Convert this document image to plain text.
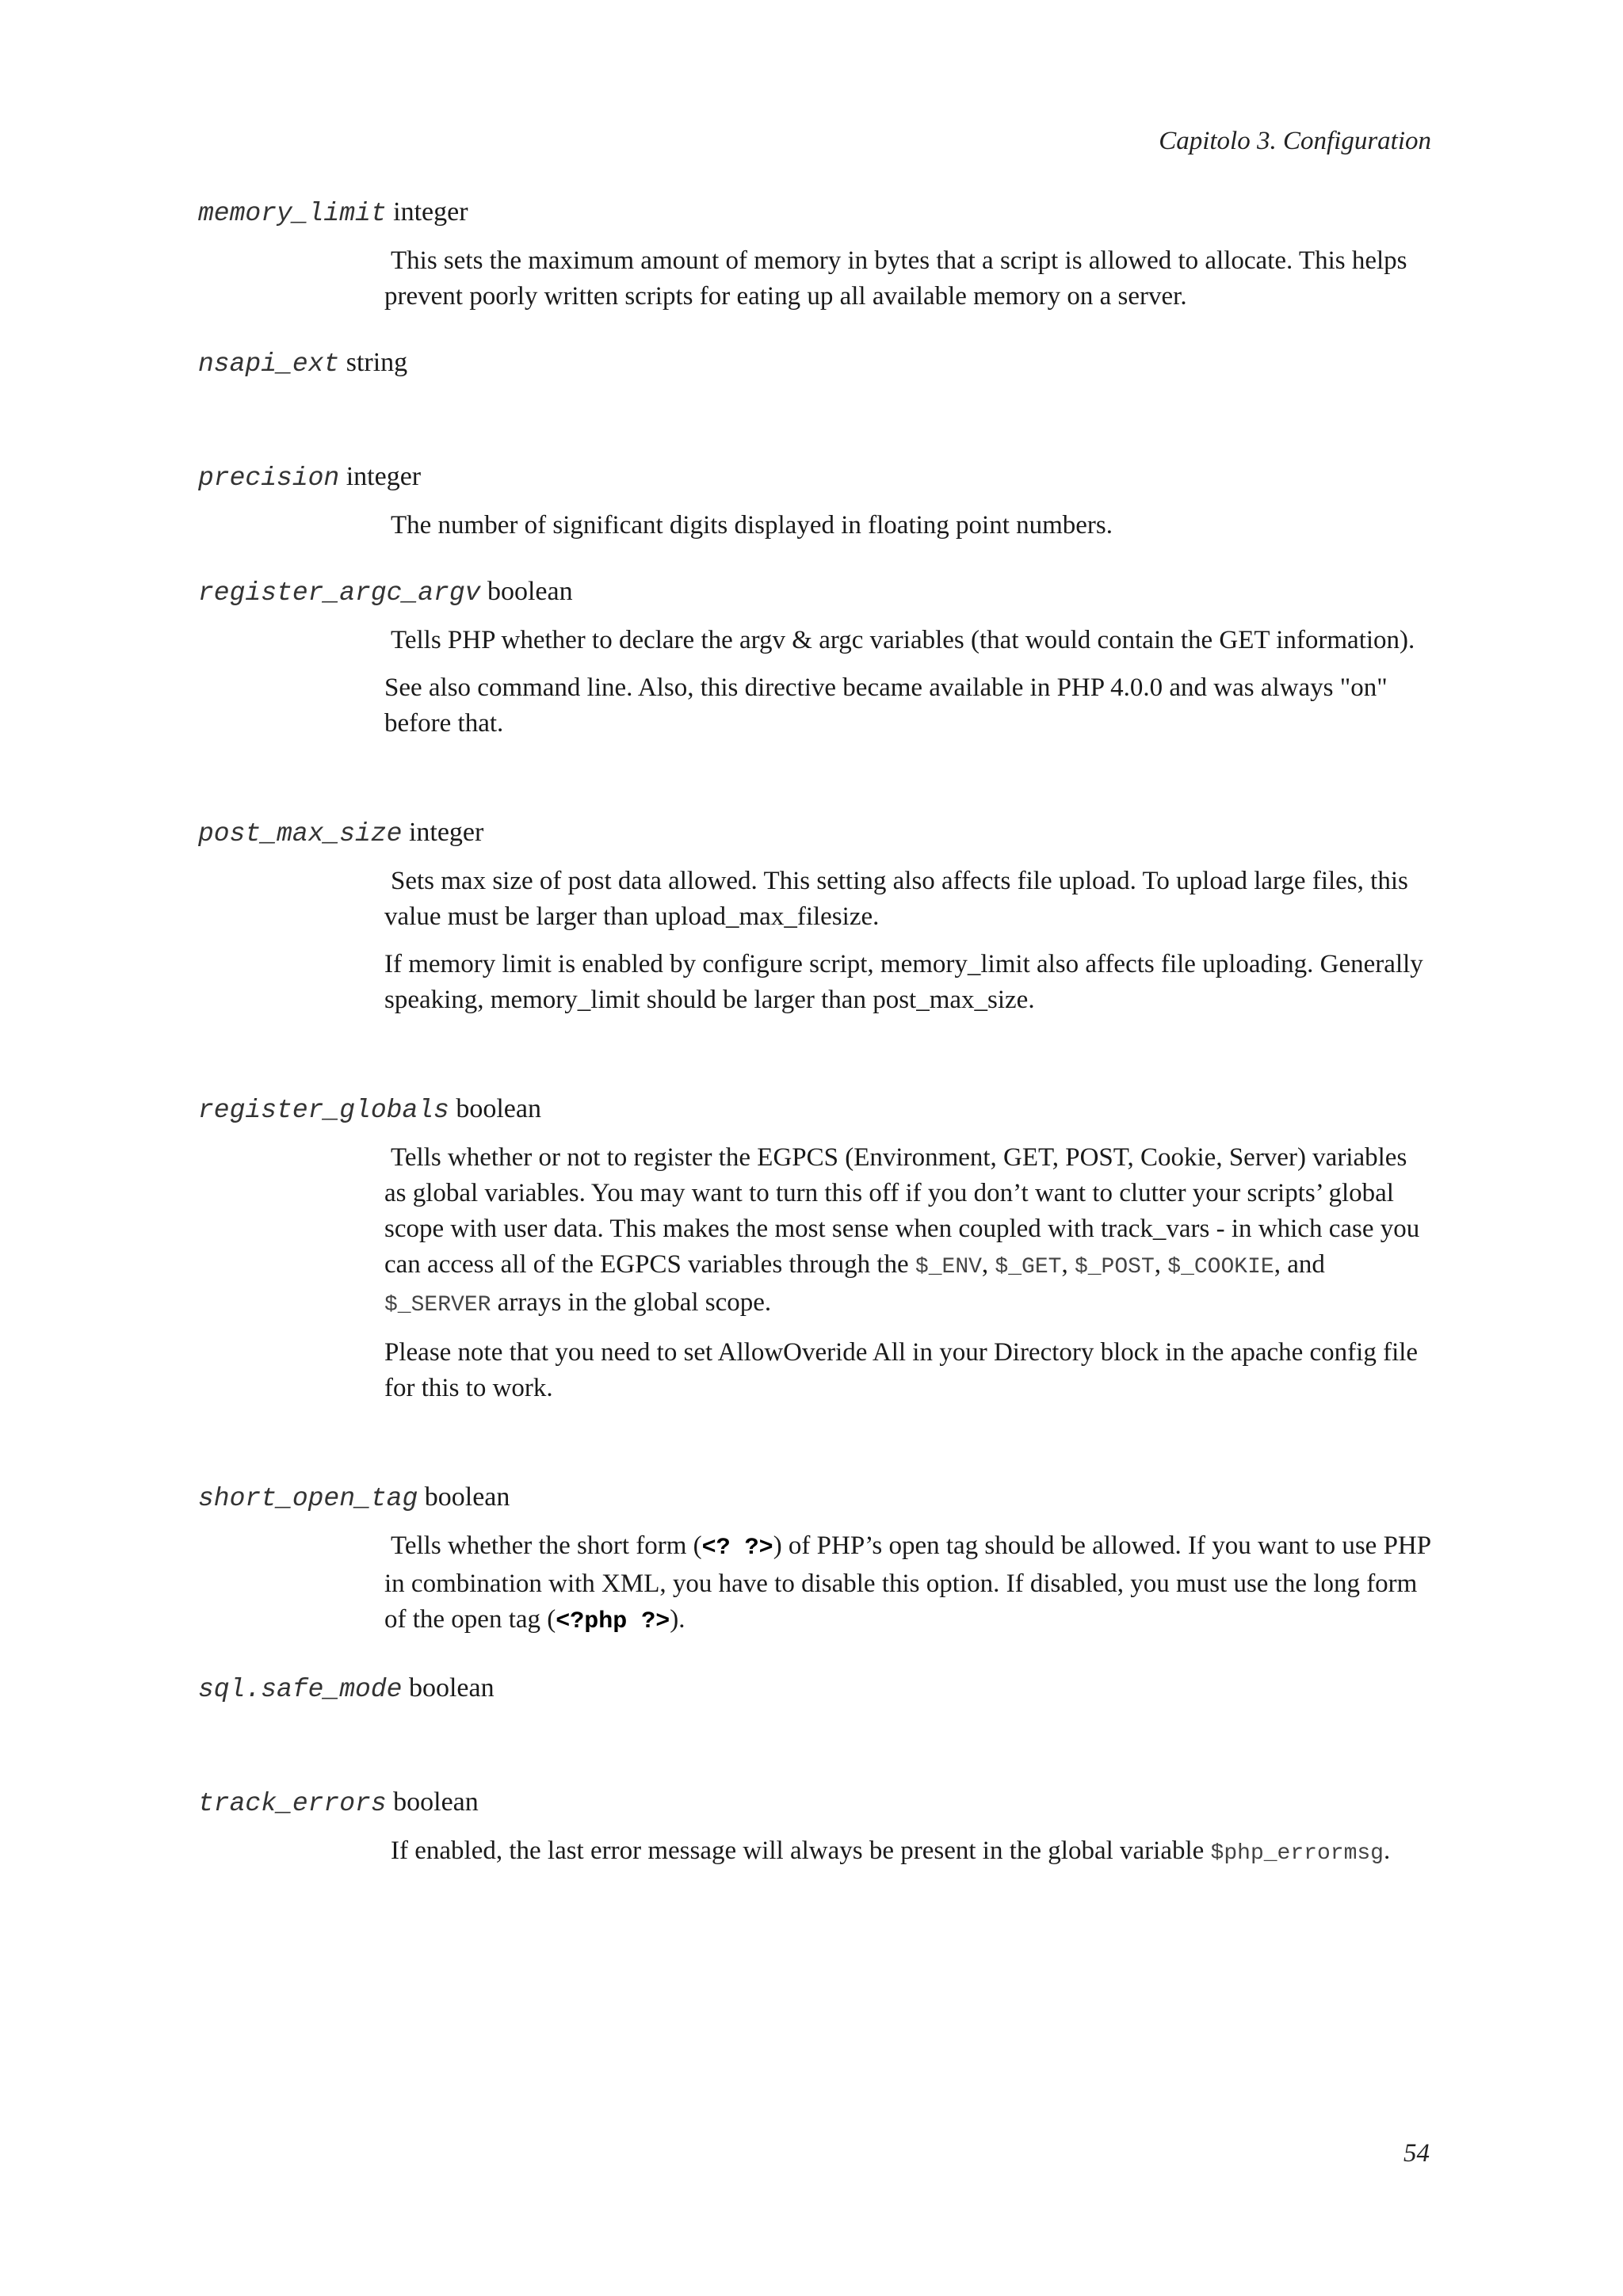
Capitolo 3. Configuration

memory_limit integer

This sets the maximum amount of memory in bytes that a script is allowed to allocate. This helps prevent poorly written scripts for eating up all available memory on a server.

nsapi_ext string

precision integer

The number of significant digits displayed in floating point numbers.

register_argc_argv boolean

Tells PHP whether to declare the argv & argc variables (that would contain the GET information).

See also command line. Also, this directive became available in PHP 4.0.0 and was always "on" before that.

post_max_size integer

Sets max size of post data allowed. This setting also affects file upload. To upload large files, this value must be larger than upload_max_filesize.

If memory limit is enabled by configure script, memory_limit also affects file uploading. Generally speaking, memory_limit should be larger than post_max_size.

register_globals boolean

Tells whether or not to register the EGPCS (Environment, GET, POST, Cookie, Server) variables as global variables. You may want to turn this off if you don’t want to clutter your scripts’ global scope with user data. This makes the most sense when coupled with track_vars - in which case you can access all of the EGPCS variables through the $_ENV, $_GET, $_POST, $_COOKIE, and $_SERVER arrays in the global scope.

Please note that you need to set AllowOveride All in your Directory block in the apache config file for this to work.

short_open_tag boolean

Tells whether the short form (<? ?>) of PHP’s open tag should be allowed. If you want to use PHP in combination with XML, you have to disable this option. If disabled, you must use the long form of the open tag (<?php ?>).

sql.safe_mode boolean

track_errors boolean

If enabled, the last error message will always be present in the global variable $php_errormsg.

54
